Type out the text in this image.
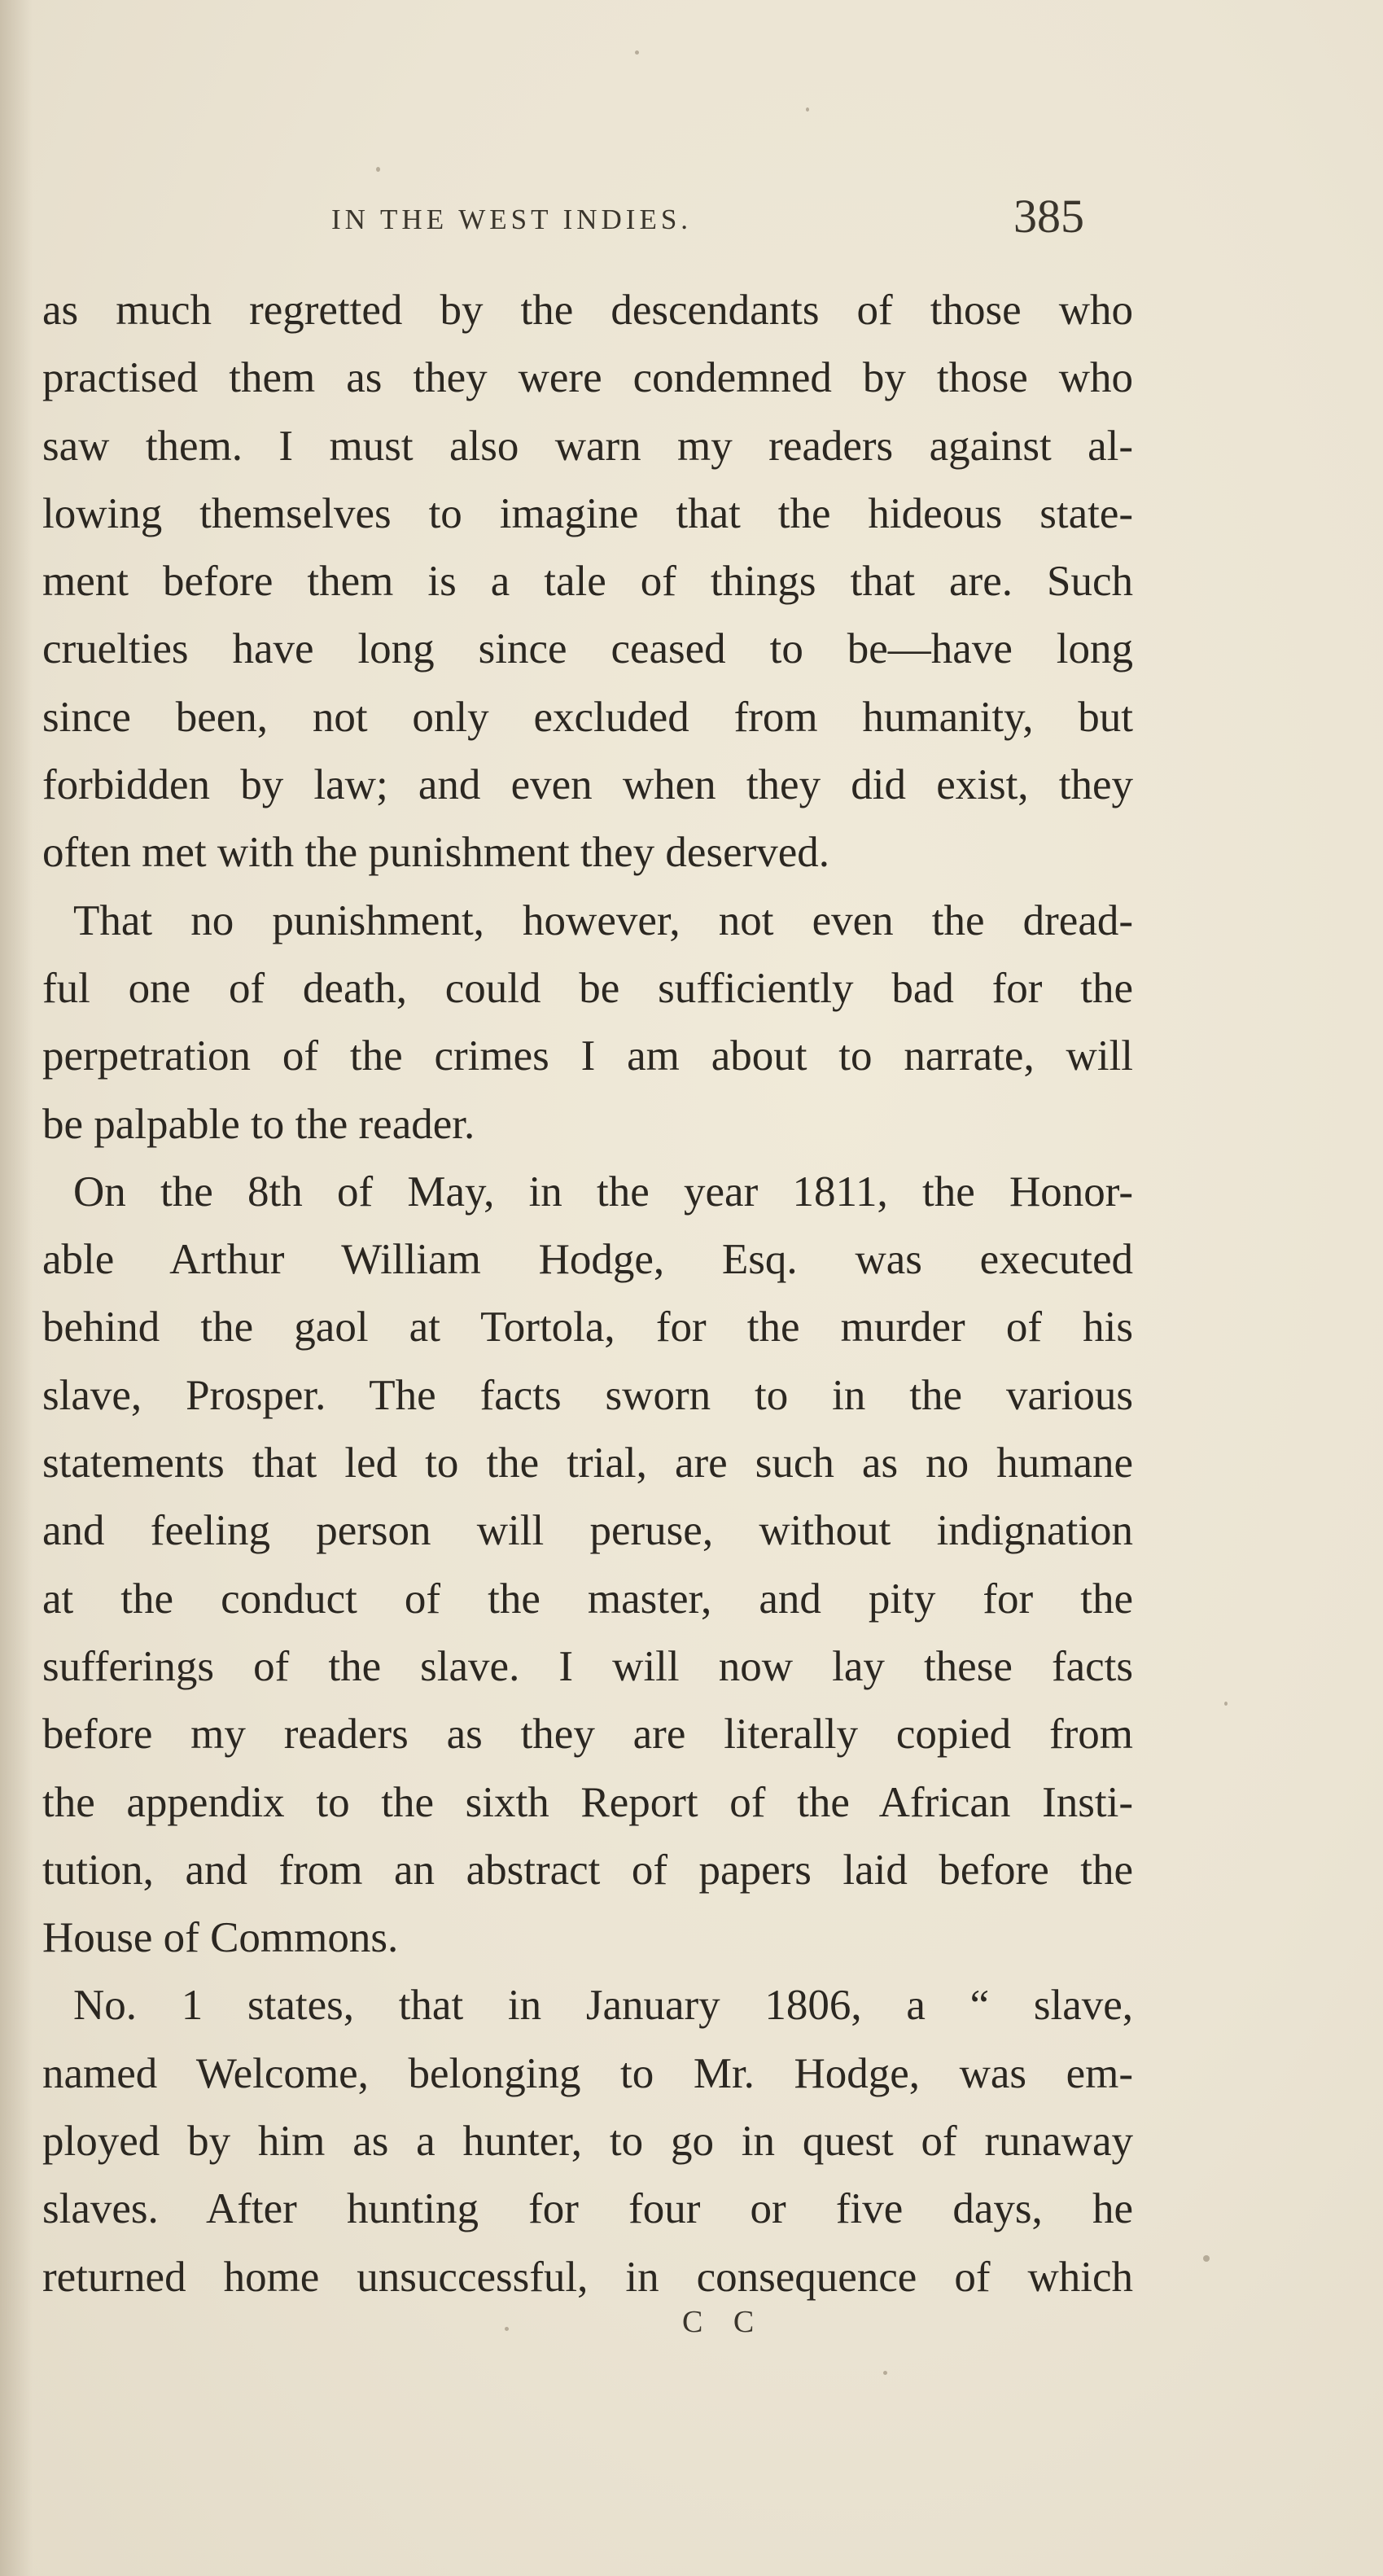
IN THE WEST INDIES.	385
as much regretted by the descendants of those who
practised them as they were condemned by those who
saw them. I must also warn my readers against al-
lowing themselves to imagine that the hideous state-
ment before them is a tale of things that are. Such
cruelties have long since ceased to be—have long
since been, not only excluded from humanity, but
forbidden by law; and even when they did exist, they
often met with the punishment they deserved.
That no punishment, however, not even the dread-
ful one of death, could be sufficiently bad for the
perpetration of the crimes I am about to narrate, will
be palpable to the reader.
On the 8th of May, in the year 1811, the Honor-
able Arthur William Hodge, Esq. was executed
behind the gaol at Tortola, for the murder of his
slave, Prosper. The facts sworn to in the various
statements that led to the trial, are such as no humane
and feeling person will peruse, without indignation
at the conduct of the master, and pity for the
sufferings of the slave. I will now lay these facts
before my readers as they are literally copied from
the appendix to the sixth Report of the African Insti-
tution, and from an abstract of papers laid before the
House of Commons.
No. 1 states, that in January 1806, a “ slave,
named Welcome, belonging to Mr. Hodge, was em-
ployed by him as a hunter, to go in quest of runaway
slaves. After hunting for four or five days, he
returned home unsuccessful, in consequence of which
C C
